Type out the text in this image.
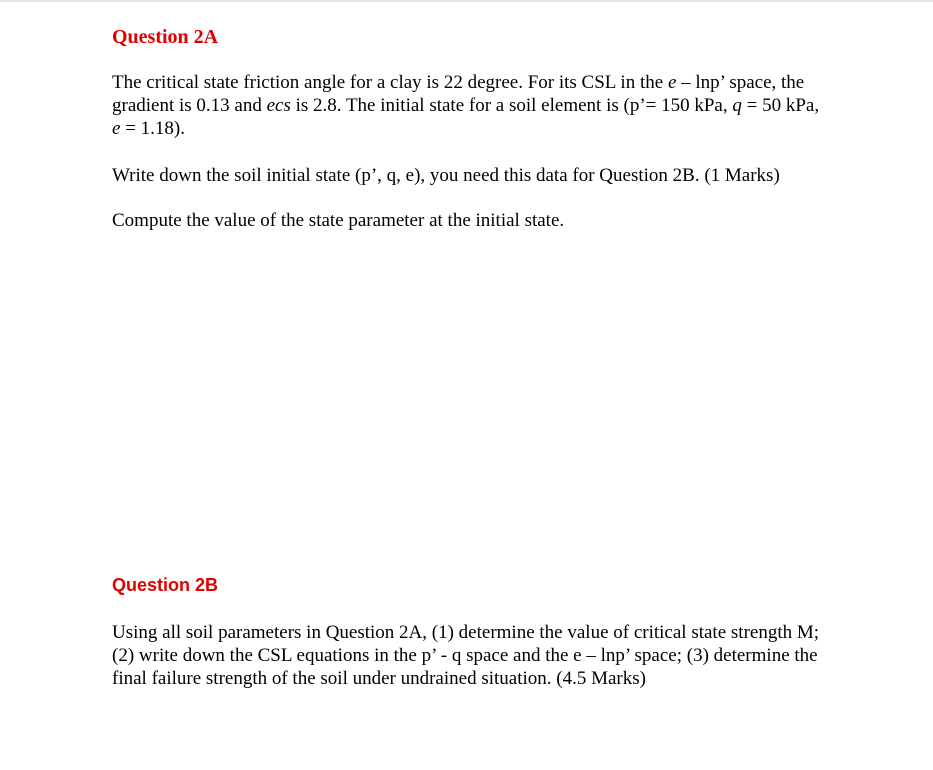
Question 2A

The critical state friction angle for a clay is 22 degree. For its CSL in the e – lnp’ space, the

gradient is 0.13 and ecs is 2.8. The initial state for a soil element is (p’= 150 kPa, q = 50 kPa,

e = 1.18).

Write down the soil initial state (p’, q, e), you need this data for Question 2B. (1 Marks)

Compute the value of the state parameter at the initial state.

Question 2B

Using all soil parameters in Question 2A, (1) determine the value of critical state strength M;

(2) write down the CSL equations in the p’ - q space and the e – lnp’ space; (3) determine the

final failure strength of the soil under undrained situation. (4.5 Marks)
